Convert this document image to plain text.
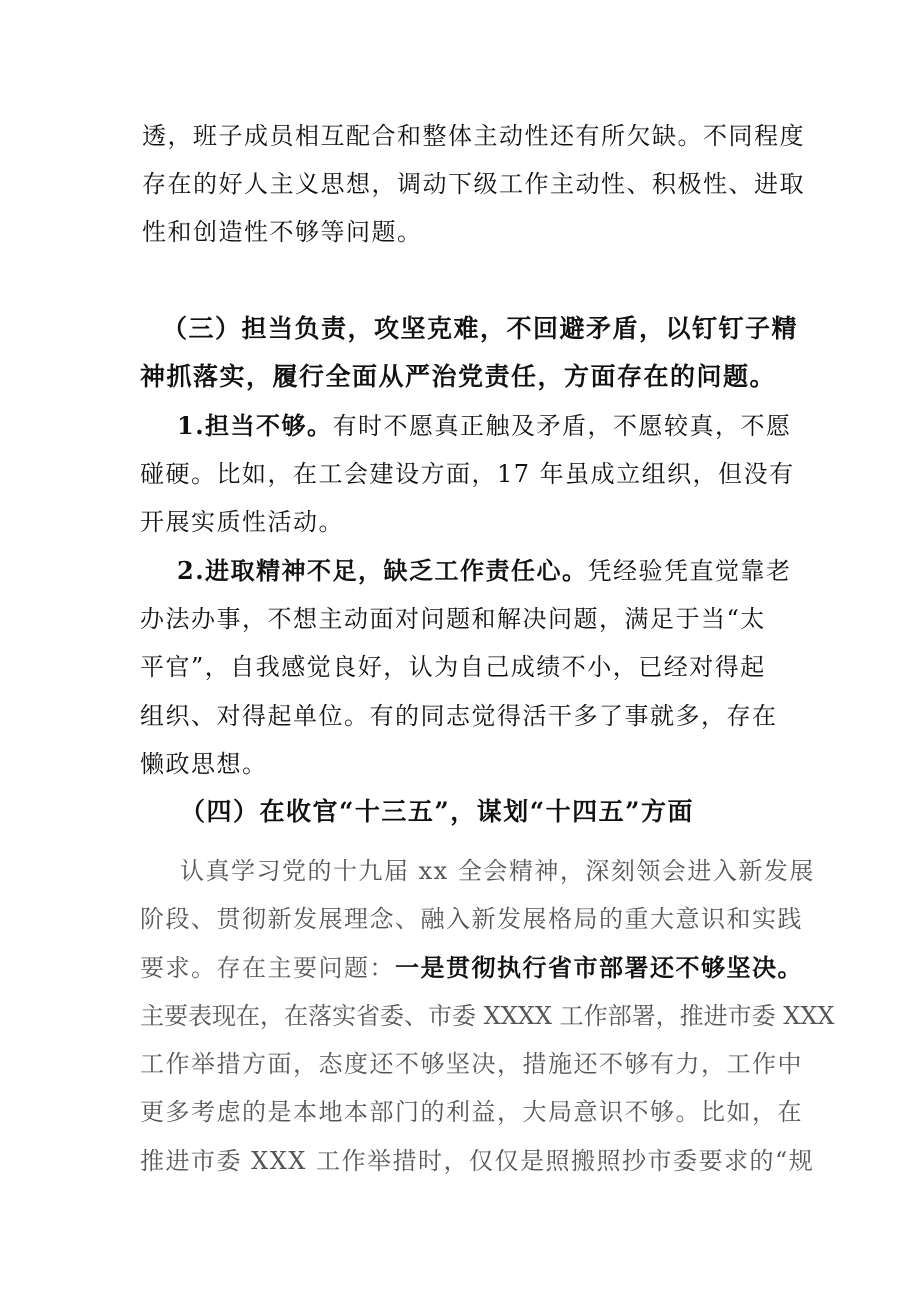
透，班子成员相互配合和整体主动性还有所欠缺。不同程度
存在的好人主义思想，调动下级工作主动性、积极性、进取
性和创造性不够等问题。
（三）担当负责，攻坚克难，不回避矛盾，以钉钉子精
神抓落实，履行全面从严治党责任，方面存在的问题。
1.担当不够。有时不愿真正触及矛盾，不愿较真，不愿
碰硬。比如，在工会建设方面，17 年虽成立组织，但没有
开展实质性活动。
2.进取精神不足，缺乏工作责任心。凭经验凭直觉靠老
办法办事，不想主动面对问题和解决问题，满足于当“太
平官”，自我感觉良好，认为自己成绩不小，已经对得起
组织、对得起单位。有的同志觉得活干多了事就多，存在
懒政思想。
（四）在收官“十三五”，谋划“十四五”方面
认真学习党的十九届 xx 全会精神，深刻领会进入新发展
阶段、贯彻新发展理念、融入新发展格局的重大意识和实践
要求。存在主要问题：一是贯彻执行省市部署还不够坚决。
主要表现在，在落实省委、市委 XXXX 工作部署，推进市委 XXX
工作举措方面，态度还不够坚决，措施还不够有力，工作中
更多考虑的是本地本部门的利益，大局意识不够。比如，在
推进市委 XXX 工作举措时，仅仅是照搬照抄市委要求的“规
